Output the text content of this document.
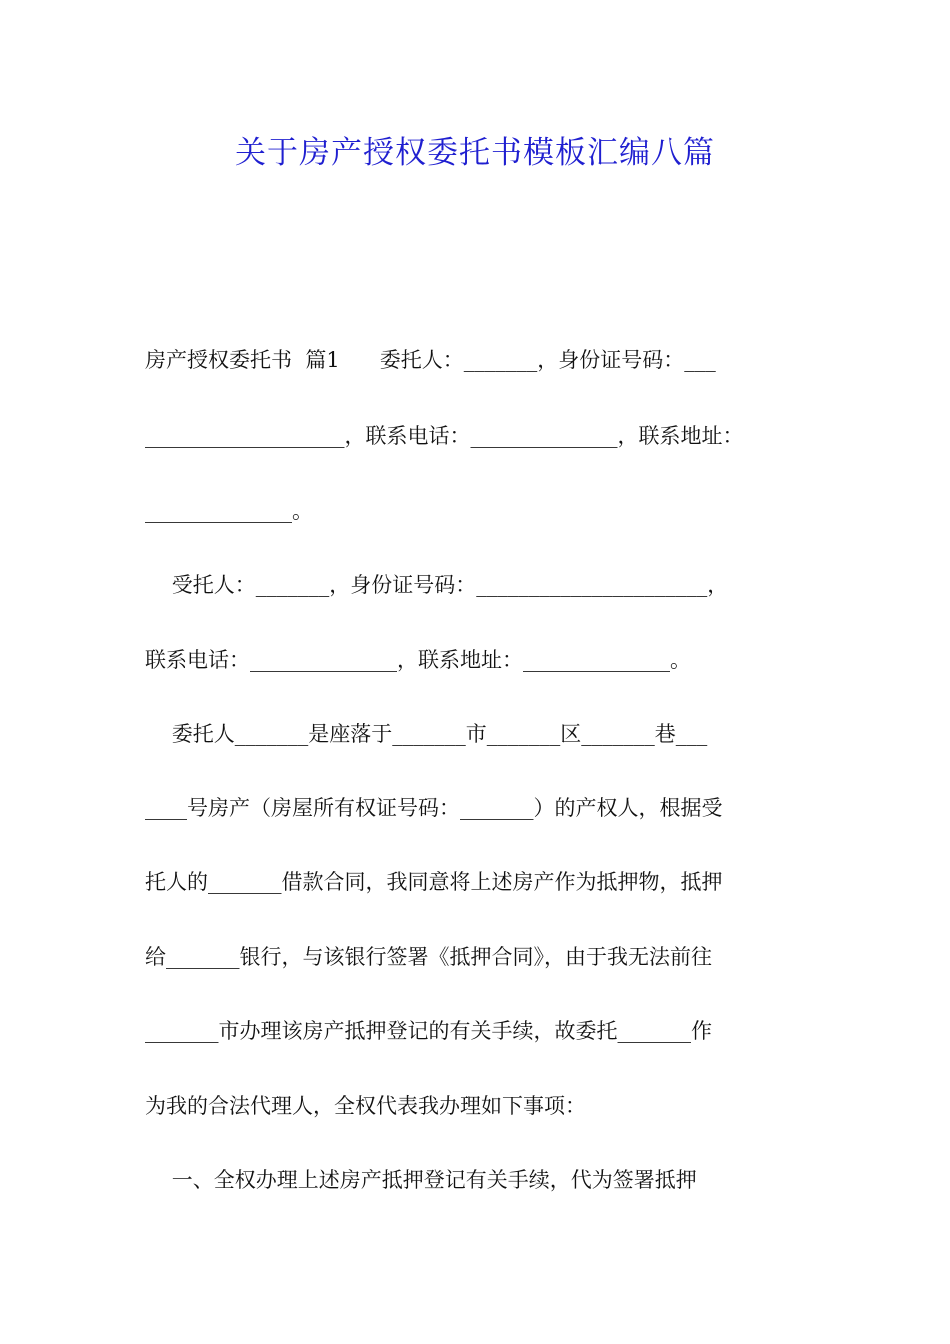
关于房产授权委托书模板汇编八篇
房产授权委托书  篇1      委托人：_______，身份证号码：___
___________________，联系电话：______________，联系地址：
______________。
受托人：_______，身份证号码：______________________，
联系电话：______________，联系地址：______________。
委托人_______是座落于_______市_______区_______巷___
____号房产（房屋所有权证号码：_______）的产权人，根据受
托人的_______借款合同，我同意将上述房产作为抵押物，抵押
给_______银行，与该银行签署《抵押合同》，由于我无法前往
_______市办理该房产抵押登记的有关手续，故委托_______作
为我的合法代理人，全权代表我办理如下事项：
一、全权办理上述房产抵押登记有关手续，代为签署抵押
